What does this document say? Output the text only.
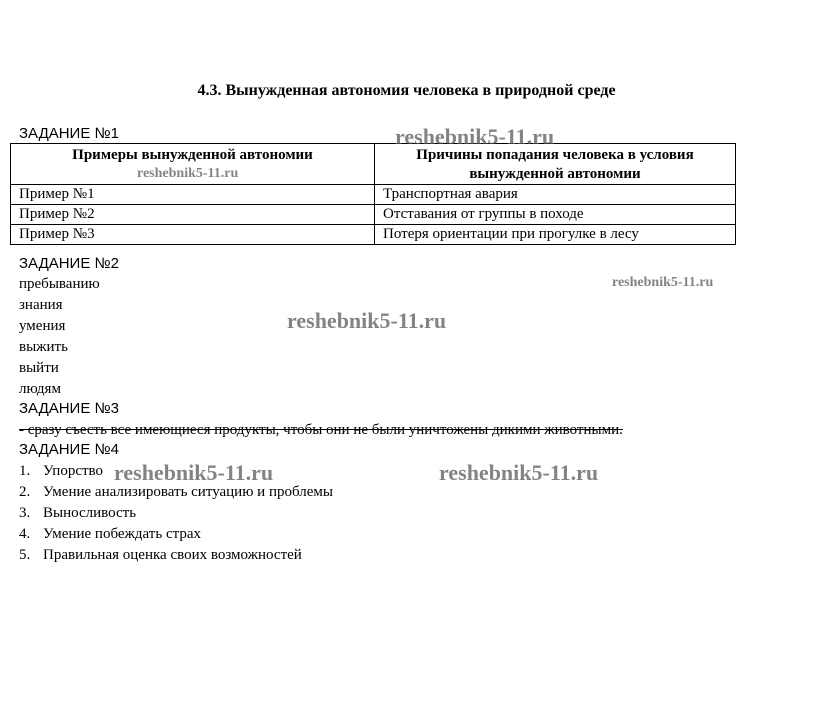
4.3. Вынужденная автономия человека в природной среде
ЗАДАНИЕ №1
Примеры вынужденной автономии	Причины попадания человека в условия вынужденной автономии
Пример №1	Транспортная авария
Пример №2	Отставания от группы в походе
Пример №3	Потеря ориентации при прогулке в лесу
ЗАДАНИЕ №2
пребыванию
знания
умения
выжить
выйти
людям
ЗАДАНИЕ №3
- сразу съесть все имеющиеся продукты, чтобы они не были уничтожены дикими животными.
ЗАДАНИЕ №4
1. Упорство
2. Умение анализировать ситуацию и проблемы
3. Выносливость
4. Умение побеждать страх
5. Правильная оценка своих возможностей
reshebnik5-11.ru
reshebnik5-11.ru
reshebnik5-11.ru
reshebnik5-11.ru
reshebnik5-11.ru	reshebnik5-11.ru
